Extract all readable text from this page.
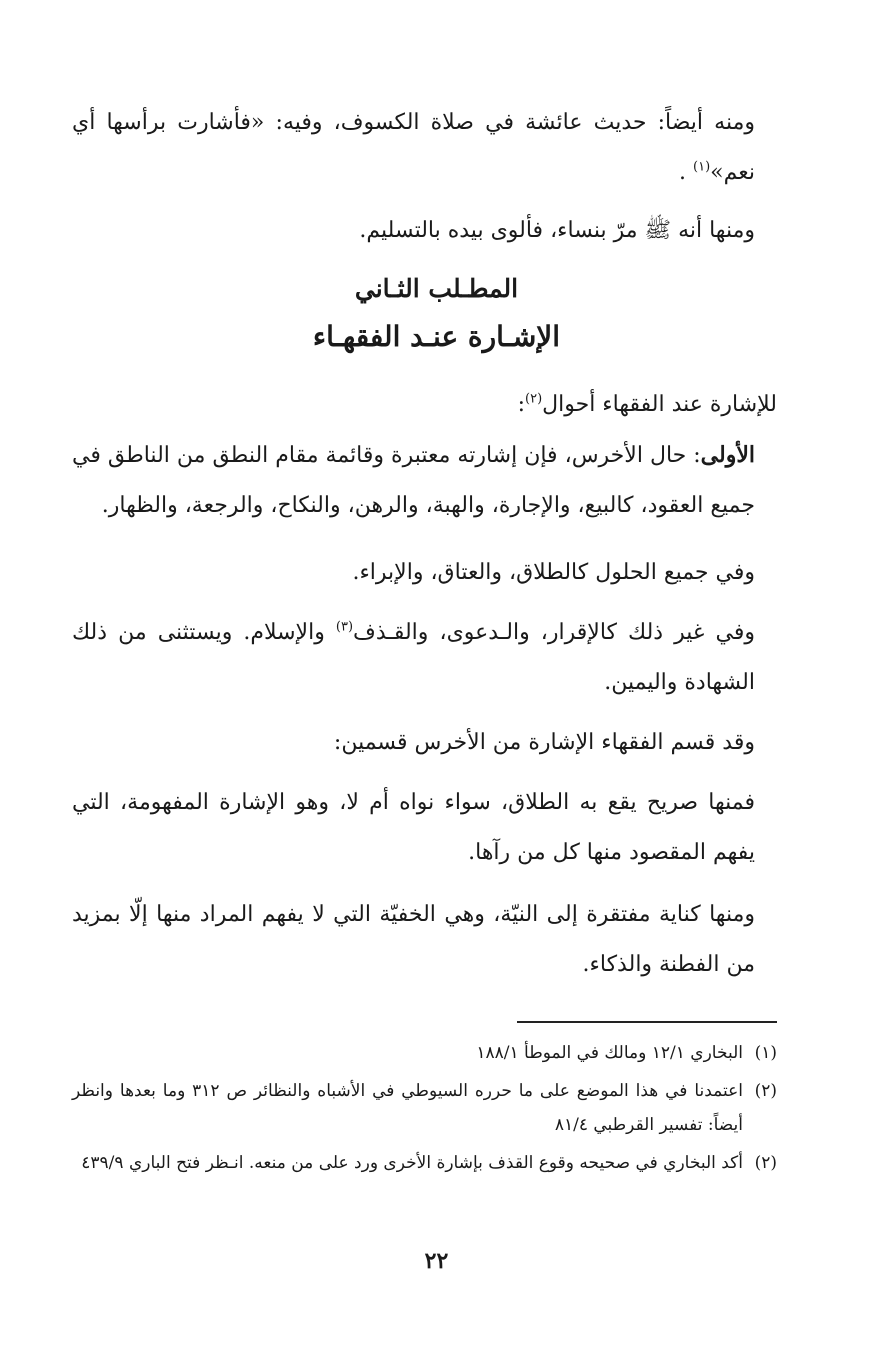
ومنه أيضاً: حديث عائشة في صلاة الكسوف، وفيه: «فأشارت برأسها أي نعم»$^{(١)}$ .

ومنها أنه ﷺ مرّ بنساء، فألوى بيده بالتسليم.

المطـلب الثـاني
الإشـارة عنـد الفقهـاء

للإشارة عند الفقهاء أحوال$^{(٢)}$:

الأولى: حال الأخرس، فإن إشارته معتبرة وقائمة مقام النطق من الناطق في جميع العقود، كالبيع، والإجارة، والهبة، والرهن، والنكاح، والرجعة، والظهار.

وفي جميع الحلول كالطلاق، والعتاق، والإبراء.

وفي غير ذلك كالإقرار، والـدعوى، والقـذف$^{(٣)}$ والإسلام. ويستثنى من ذلك الشهادة واليمين.

وقد قسم الفقهاء الإشارة من الأخرس قسمين:

فمنها صريح يقع به الطلاق، سواء نواه أم لا، وهو الإشارة المفهومة، التي يفهم المقصود منها كل من رآها.

ومنها كناية مفتقرة إلى النيّة، وهي الخفيّة التي لا يفهم المراد منها إلّا بمزيد من الفطنة والذكاء.

(١)البخاري ١٢/١ ومالك في الموطأ ١٨٨/١
(٢)اعتمدنا في هذا الموضع على ما حرره السيوطي في الأشباه والنظائر ص ٣١٢ وما بعدها وانظر أيضاً: تفسير القرطبي ٨١/٤
(٢)أكد البخاري في صحيحه وقوع القذف بإشارة الأخرى ورد على من منعه. انـظر فتح الباري ٤٣٩/٩

٢٢
